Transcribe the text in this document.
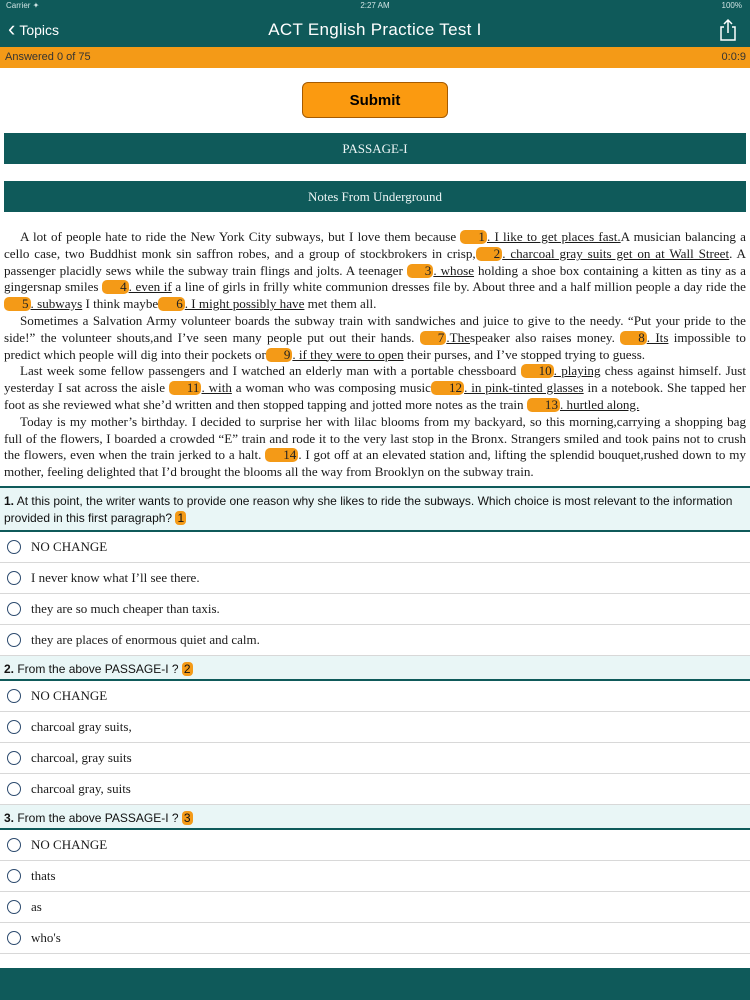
Carrier ✦	2:27 AM	100%
‹ Topics	ACT English Practice Test I
Answered 0 of 75	0:0:9
Submit
PASSAGE-I
Notes From Underground

A lot of people hate to ride the New York City subways, but I love them because 1 . I like to get places fast.A musician balancing a cello case, two Buddhist monk sin saffron robes, and a group of stockbrokers in crisp, 2 . charcoal gray suits get on at Wall Street. A passenger placidly sews while the subway train flings and jolts. A teenager 3 . whose holding a shoe box containing a kitten as tiny as a gingersnap smiles 4 . even if a line of girls in frilly white communion dresses file by. About three and a half million people a day ride the 5 . subways I think maybe 6 . I might possibly have met them all.

Sometimes a Salvation Army volunteer boards the subway train with sandwiches and juice to give to the needy. “Put your pride to the side!” the volunteer shouts,and I’ve seen many people put out their hands. 7 .Thespeaker also raises money. 8 . Its impossible to predict which people will dig into their pockets or 9 . if they were to open their purses, and I’ve stopped trying to guess.

Last week some fellow passengers and I watched an elderly man with a portable chessboard 10 . playing chess against himself. Just yesterday I sat across the aisle 11 . with a woman who was composing music 12 . in pink-tinted glasses in a notebook. She tapped her foot as she reviewed what she’d written and then stopped tapping and jotted more notes as the train 13 . hurtled along.

Today is my mother’s birthday. I decided to surprise her with lilac blooms from my backyard, so this morning,carrying a shopping bag full of the flowers, I boarded a crowded “E” train and rode it to the very last stop in the Bronx. Strangers smiled and took pains not to crush the flowers, even when the train jerked to a halt. 14 . I got off at an elevated station and, lifting the splendid bouquet,rushed down to my mother, feeling delighted that I’d brought the blooms all the way from Brooklyn on the subway train.

1. At this point, the writer wants to provide one reason why she likes to ride the subways. Which choice is most relevant to the information provided in this first paragraph? 1
NO CHANGE
I never know what I’ll see there.
they are so much cheaper than taxis.
they are places of enormous quiet and calm.
2. From the above PASSAGE-I ? 2
NO CHANGE
charcoal gray suits,
charcoal, gray suits
charcoal gray, suits
3. From the above PASSAGE-I ? 3
NO CHANGE
thats
as
who's
